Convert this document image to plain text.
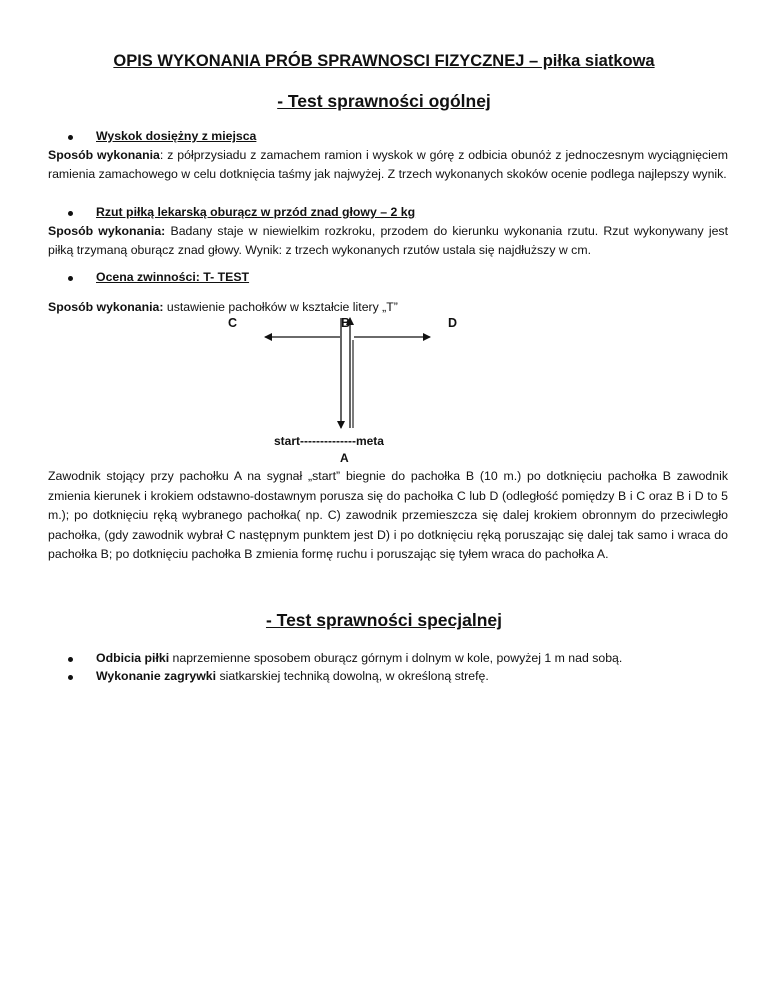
OPIS WYKONANIA PRÓB SPRAWNOSCI FIZYCZNEJ – piłka siatkowa
- Test sprawności ogólnej
Wyskok dosiężny z miejsca
Sposób wykonania: z półprzysiadu z zamachem ramion i wyskok w górę z odbicia obunóż z jednoczesnym wyciągnięciem ramienia zamachowego w celu dotknięcia taśmy jak najwyżej. Z trzech wykonanych skoków ocenie podlega najlepszy wynik.
Rzut piłką lekarską oburącz w przód znad głowy – 2 kg
Sposób wykonania: Badany staje w niewielkim rozkroku, przodem do kierunku wykonania rzutu. Rzut wykonywany jest piłką trzymaną oburącz znad głowy. Wynik: z trzech wykonanych rzutów ustala się najdłuższy w cm.
Ocena zwinności: T- TEST
Sposób wykonania: ustawienie pachołków w kształcie litery „T”
C	B	D
start--------------meta
A
Zawodnik stojący przy pachołku A na sygnał „start” biegnie do pachołka B (10 m.) po dotknięciu pachołka B zawodnik zmienia kierunek i krokiem odstawno-dostawnym porusza się do pachołka C lub D (odległość pomiędzy B i C oraz B i D to 5 m.); po dotknięciu ręką wybranego pachołka( np. C) zawodnik przemieszcza się dalej krokiem obronnym do przeciwległo pachołka, (gdy zawodnik wybrał C następnym punktem jest D) i po dotknięciu ręką poruszając się dalej tak samo i wraca do pachołka B; po dotknięciu pachołka B zmienia formę ruchu i poruszając się tyłem wraca do pachołka A.
- Test sprawności specjalnej
Odbicia piłki naprzemienne sposobem oburącz górnym i dolnym w kole, powyżej 1 m nad sobą.
Wykonanie zagrywki siatkarskiej techniką dowolną, w określoną strefę.
